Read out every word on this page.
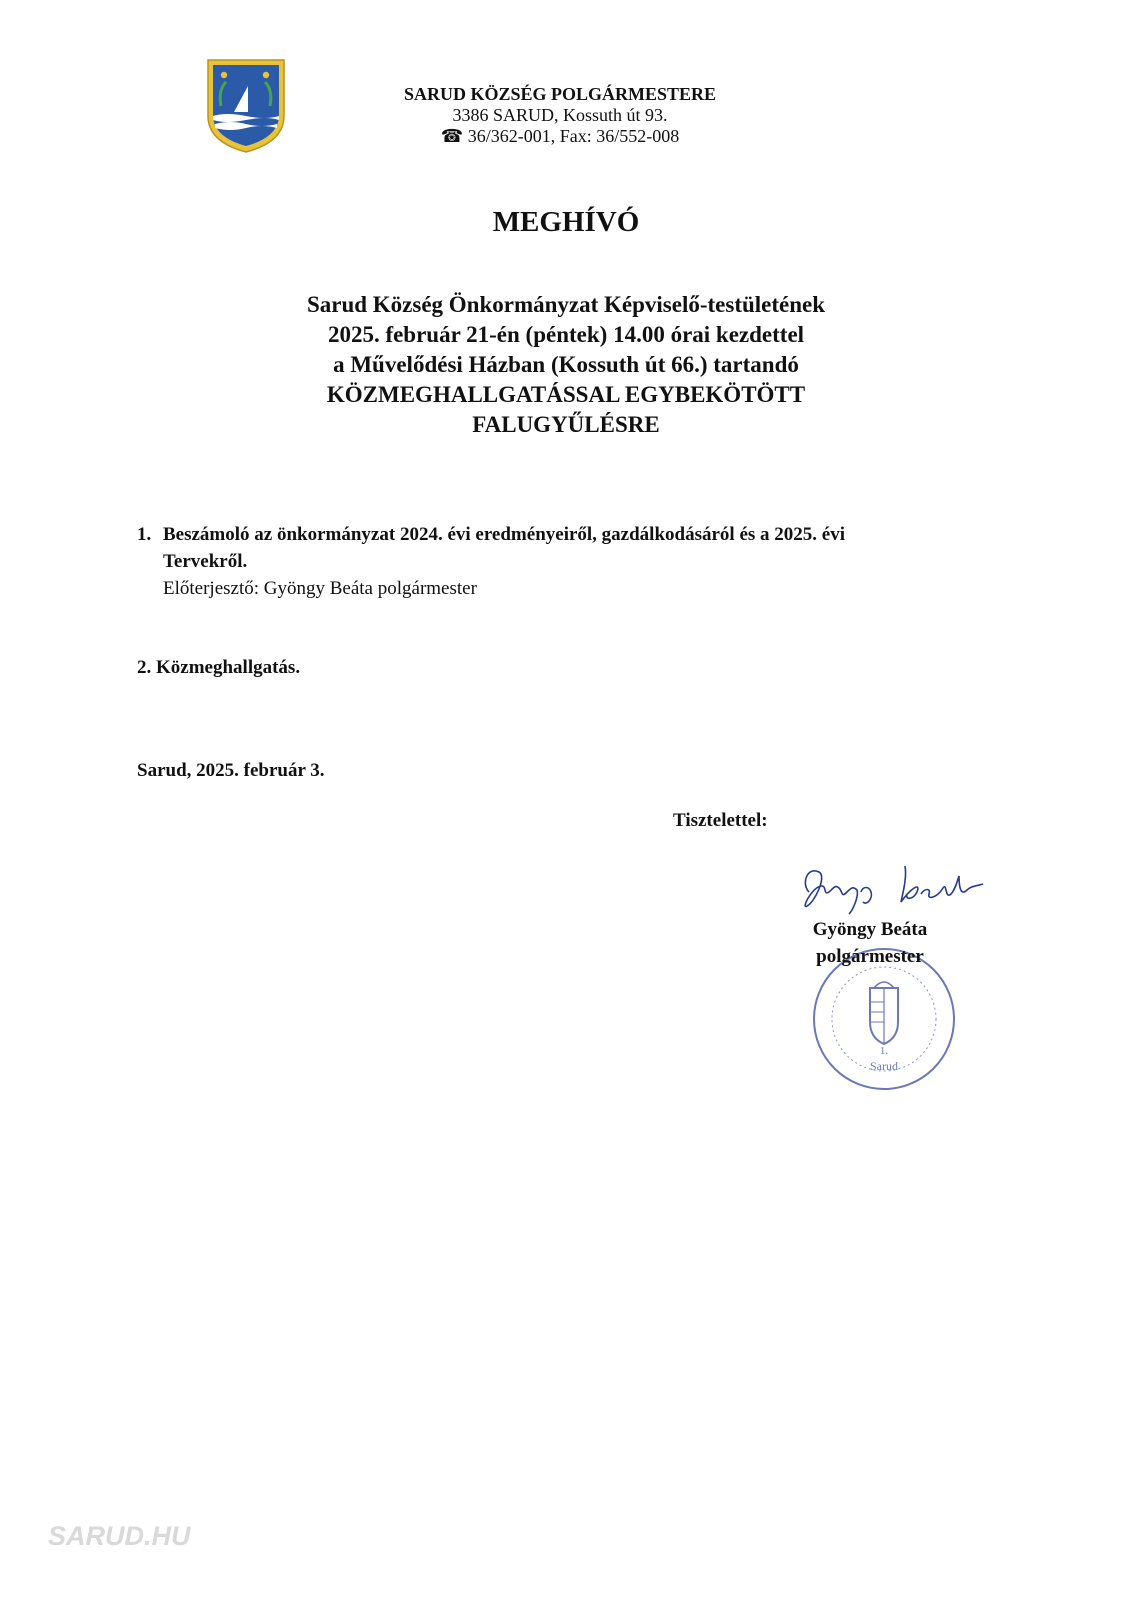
SARUD KÖZSÉG POLGÁRMESTERE
3386 SARUD, Kossuth út 93.
☎ 36/362-001, Fax: 36/552-008
MEGHÍVÓ
Sarud Község Önkormányzat Képviselő-testületének
2025. február 21-én (péntek) 14.00 órai kezdettel
a Művelődési Házban (Kossuth út 66.) tartandó
KÖZMEGHALLGATÁSSAL EGYBEKÖTÖTT
FALUGYŰLÉSRE
1. Beszámoló az önkormányzat 2024. évi eredményeiről, gazdálkodásáról és a 2025. évi
Tervekről.
Előterjesztő: Gyöngy Beáta polgármester
2. Közmeghallgatás.
Sarud, 2025. február 3.
Tisztelettel:
1.
Sarud
Gyöngy Beáta
polgármester
SARUD.HU
